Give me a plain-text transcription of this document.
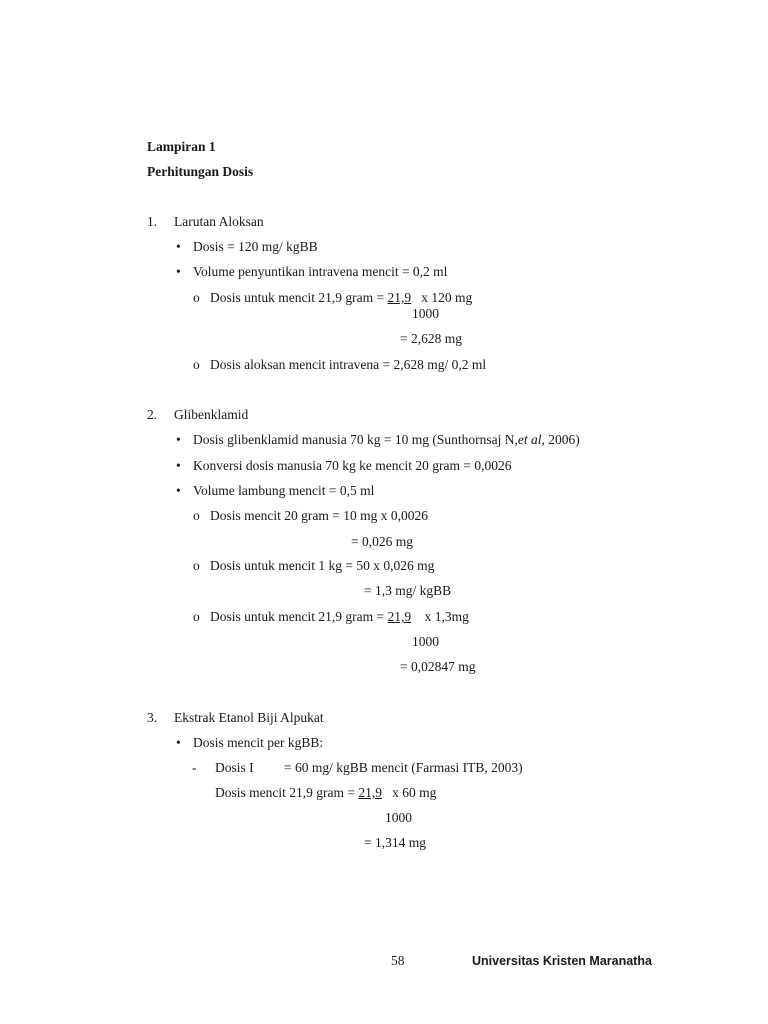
Lampiran 1
Perhitungan Dosis
1. Larutan Aloksan
• Dosis = 120 mg/ kgBB
• Volume penyuntikan intravena mencit = 0,2 ml
o Dosis untuk mencit 21,9 gram = 21,9 x 120 mg
1000
= 2,628 mg
o Dosis aloksan mencit intravena = 2,628 mg/ 0,2 ml
2. Glibenklamid
• Dosis glibenklamid manusia 70 kg = 10 mg (Sunthornsaj N,et al, 2006)
• Konversi dosis manusia 70 kg ke mencit 20 gram = 0,0026
• Volume lambung mencit = 0,5 ml
o Dosis mencit 20 gram = 10 mg x 0,0026
= 0,026 mg
o Dosis untuk mencit 1 kg = 50 x 0,026 mg
= 1,3 mg/ kgBB
o Dosis untuk mencit 21,9 gram = 21,9 x 1,3mg
1000
= 0,02847 mg
3. Ekstrak Etanol Biji Alpukat
• Dosis mencit per kgBB:
- Dosis I = 60 mg/ kgBB mencit (Farmasi ITB, 2003)
Dosis mencit 21,9 gram = 21,9 x 60 mg
1000
= 1,314 mg
58	Universitas Kristen Maranatha
